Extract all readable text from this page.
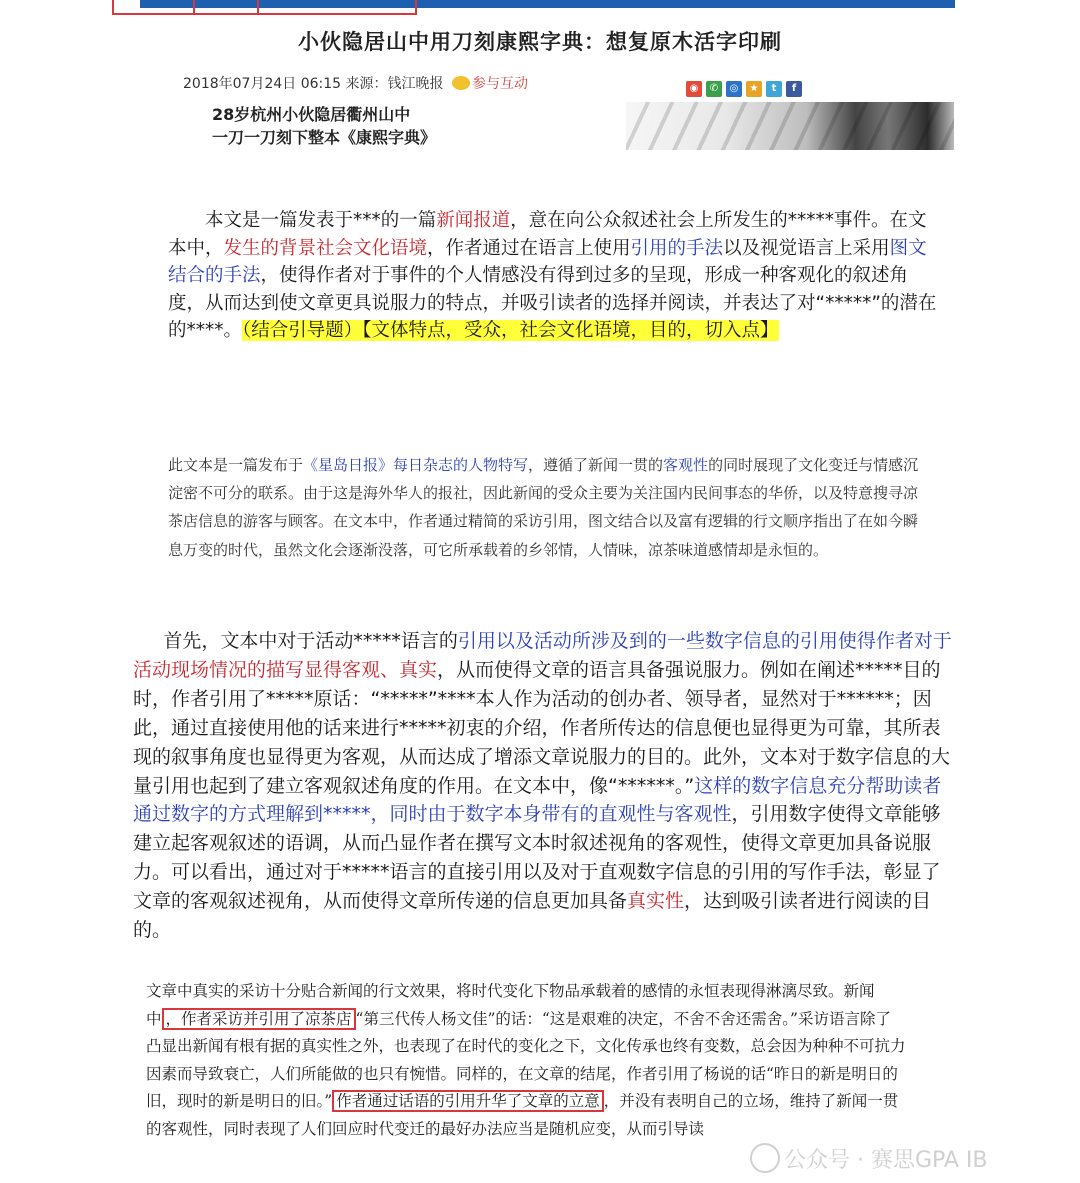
小伙隐居山中用刀刻康熙字典：想复原木活字印刷
2018年07月24日 06:15 来源：钱江晚报 参与互动	◉ ✆ ◎ ★ t f
28岁杭州小伙隐居衢州山中
一刀一刀刻下整本《康熙字典》
本文是一篇发表于***的一篇新闻报道，意在向公众叙述社会上所发生的*****事件。在文本中，发生的背景社会文化语境，作者通过在语言上使用引用的手法以及视觉语言上采用图文结合的手法，使得作者对于事件的个人情感没有得到过多的呈现，形成一种客观化的叙述角度，从而达到使文章更具说服力的特点，并吸引读者的选择并阅读，并表达了对“*****”的潜在的****。（结合引导题）【文体特点，受众，社会文化语境，目的，切入点】
此文本是一篇发布于《星岛日报》每日杂志的人物特写，遵循了新闻一贯的客观性的同时展现了文化变迁与情感沉淀密不可分的联系。由于这是海外华人的报社，因此新闻的受众主要为关注国内民间事态的华侨，以及特意搜寻凉茶店信息的游客与顾客。在文本中，作者通过精简的采访引用，图文结合以及富有逻辑的行文顺序指出了在如今瞬息万变的时代，虽然文化会逐渐没落，可它所承载着的乡邻情，人情味，凉茶味道感情却是永恒的。
首先，文本中对于活动*****语言的引用以及活动所涉及到的一些数字信息的引用使得作者对于活动现场情况的描写显得客观、真实，从而使得文章的语言具备强说服力。例如在阐述*****目的时，作者引用了*****原话：“*****”****本人作为活动的创办者、领导者，显然对于******；因此，通过直接使用他的话来进行*****初衷的介绍，作者所传达的信息便也显得更为可靠，其所表现的叙事角度也显得更为客观，从而达成了增添文章说服力的目的。此外，文本对于数字信息的大量引用也起到了建立客观叙述角度的作用。在文本中，像“******。”这样的数字信息充分帮助读者通过数字的方式理解到*****，同时由于数字本身带有的直观性与客观性，引用数字使得文章能够建立起客观叙述的语调，从而凸显作者在撰写文本时叙述视角的客观性，使得文章更加具备说服力。可以看出，通过对于*****语言的直接引用以及对于直观数字信息的引用的写作手法，彰显了文章的客观叙述视角，从而使得文章所传递的信息更加具备真实性，达到吸引读者进行阅读的目的。
文章中真实的采访十分贴合新闻的行文效果，将时代变化下物品承载着的感情的永恒表现得淋漓尽致。新闻中 ，作者采访并引用了凉茶店 “第三代传人杨文佳”的话：“这是艰难的决定，不舍不舍还需舍。”采访语言除了凸显出新闻有根有据的真实性之外，也表现了在时代的变化之下，文化传承也终有变数，总会因为种种不可抗力因素而导致衰亡，人们所能做的也只有惋惜。同样的，在文章的结尾，作者引用了杨说的话“昨日的新是明日的旧，现时的新是明日的旧。” 作者通过话语的引用升华了文章的立意 ，并没有表明自己的立场，维持了新闻一贯的客观性，同时表现了人们回应时代变迁的最好办法应当是随机应变，从而引导读
公众号 · 赛思GPA IB
